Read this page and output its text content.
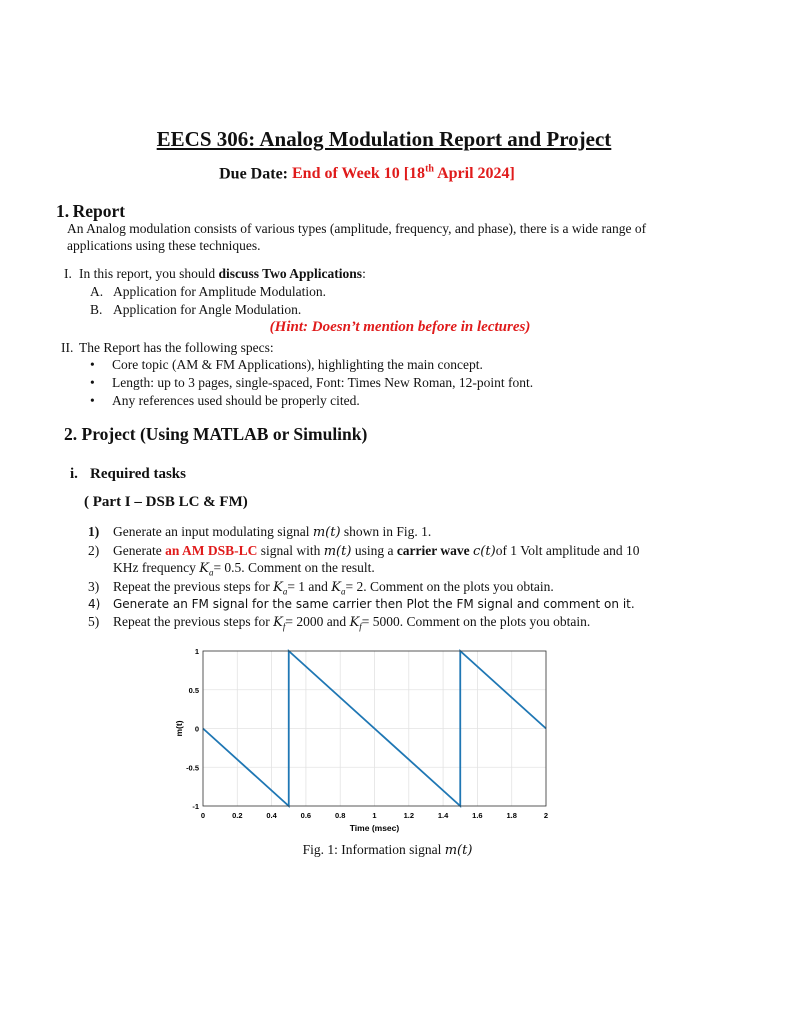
EECS 306: Analog Modulation Report and Project
Due Date: End of Week 10 [18th April 2024]
1. Report
An Analog modulation consists of various types (amplitude, frequency, and phase), there is a wide range of
applications using these techniques.
I. In this report, you should discuss Two Applications:
A. Application for Amplitude Modulation.
B. Application for Angle Modulation.
(Hint: Doesn’t mention before in lectures)
II. The Report has the following specs:
• Core topic (AM & FM Applications), highlighting the main concept.
• Length: up to 3 pages, single-spaced, Font: Times New Roman, 12-point font.
• Any references used should be properly cited.
2. Project (Using MATLAB or Simulink)
i. Required tasks
( Part I – DSB LC & FM)
1) Generate an input modulating signal m(t) shown in Fig. 1.
2) Generate an AM DSB-LC signal with m(t) using a carrier wave c(t)of 1 Volt amplitude and 10
KHz frequency $K_a= 0.5$. Comment on the result.
3) Repeat the previous steps for $K_a= 1$ and $K_a= 2$. Comment on the plots you obtain.
4) Generate an FM signal for the same carrier then Plot the FM signal and comment on it.
5) Repeat the previous steps for $K_f= 2000$ and $K_f= 5000$. Comment on the plots you obtain.
0	0.2	0.4	0.6	0.8	1	1.2	1.4	1.6	1.8	2
1
0.5
0
-0.5
-1
Time (msec)
m(t)
Fig. 1: Information signal m(t)
